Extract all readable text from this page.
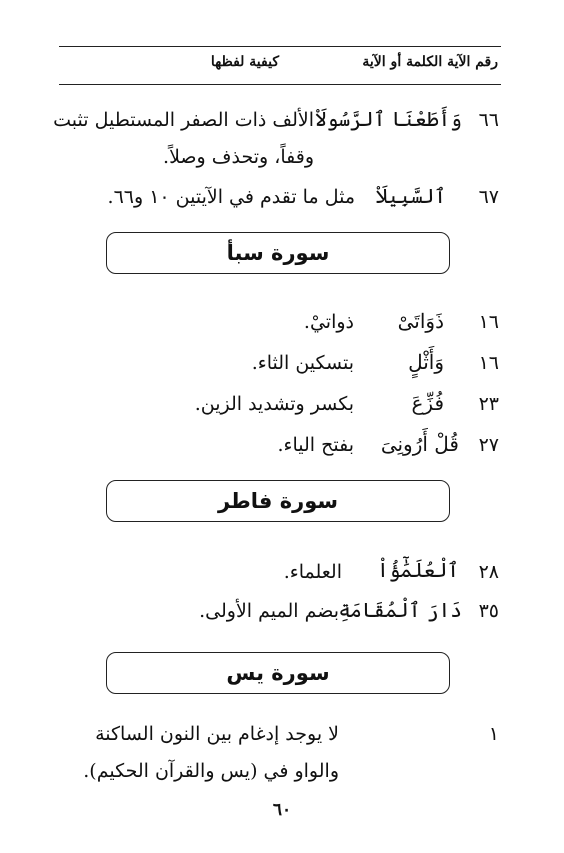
رقم الآية الكلمة أو الآية
كيفية لفظها
٦٦
وَأَطَعْنَا ٱلرَّسُولَاْ
الألف ذات الصفر المستطيل تثبت
وقفاً، وتحذف وصلاً.
٦٧
ٱلسَّبِيلَاْ
مثل ما تقدم في الآيتين ١٠ و٦٦.
سورة سبأ
١٦
ذَوَاتَىْ
ذواتيْ.
١٦
وَأَثْلٍ
بتسكين الثاء.
٢٣
فُزِّعَ
بكسر وتشديد الزين.
٢٧
قُلْ أَرُونِىَ
بفتح الياء.
سورة فاطر
٢٨
ٱلْعُلَمَٰٓؤُاْ
العلماء.
٣٥
دَارَ ٱلْمُقَامَةِ
بضم الميم الأولى.
سورة يس
١
لا يوجد إدغام بين النون الساكنة
والواو في (يس والقرآن الحكيم).
٦٠
